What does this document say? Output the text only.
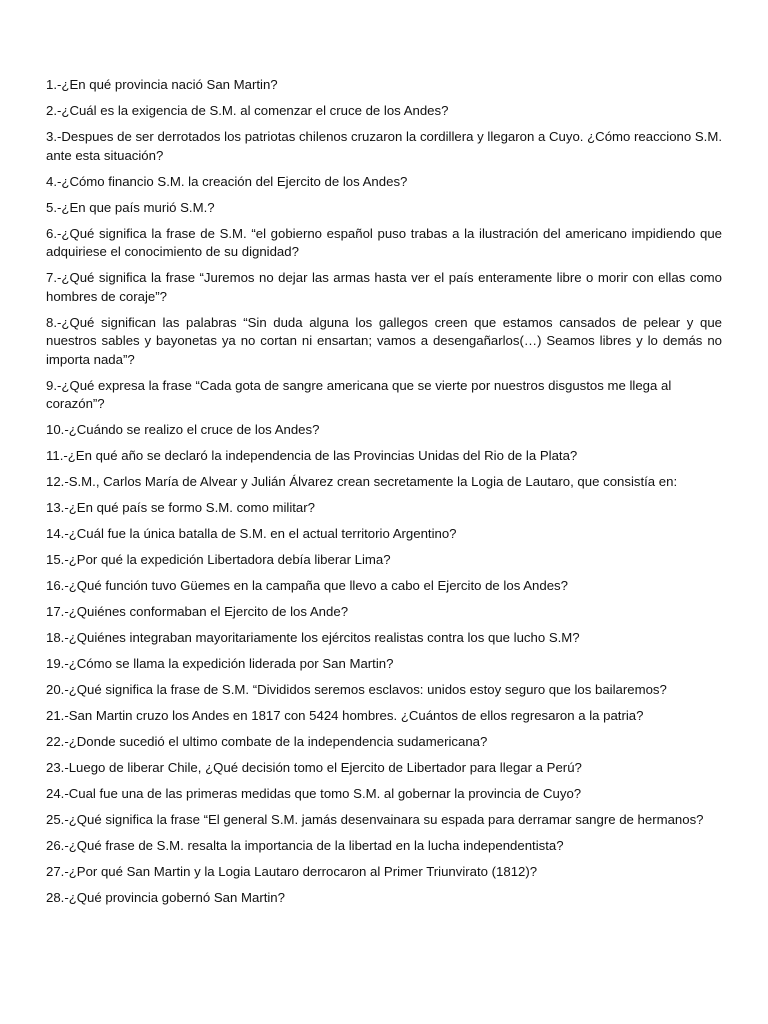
1.-¿En qué provincia nació San Martin?

2.-¿Cuál es la exigencia de S.M. al comenzar el cruce de los Andes?

3.-Despues de ser derrotados los patriotas chilenos cruzaron la cordillera y llegaron a Cuyo. ¿Cómo reacciono S.M. ante esta situación?

4.-¿Cómo financio S.M. la creación del Ejercito de los Andes?

5.-¿En que país murió S.M.?

6.-¿Qué significa la frase de S.M. “el gobierno español puso trabas a la ilustración del americano impidiendo que adquiriese el conocimiento de su dignidad?

7.-¿Qué significa la frase “Juremos no dejar las armas hasta ver el país enteramente libre o morir con ellas como hombres de coraje”?

8.-¿Qué significan las palabras “Sin duda alguna los gallegos creen que estamos cansados de pelear y que nuestros sables y bayonetas ya no cortan ni ensartan; vamos a desengañarlos(…) Seamos libres y lo demás no importa nada”?

9.-¿Qué expresa la frase “Cada gota de sangre americana que se vierte por nuestros disgustos me llega al corazón”?

10.-¿Cuándo se realizo el cruce de los Andes?

11.-¿En qué año se declaró la independencia de las Provincias Unidas del Rio de la Plata?

12.-S.M., Carlos María de Alvear y Julián Álvarez crean secretamente la Logia de Lautaro, que consistía en:

13.-¿En qué país se formo S.M. como militar?

14.-¿Cuál fue la única batalla de S.M. en el actual territorio Argentino?

15.-¿Por qué la expedición Libertadora debía liberar Lima?

16.-¿Qué función tuvo Güemes en la campaña que llevo a cabo el Ejercito de los Andes?

17.-¿Quiénes conformaban el Ejercito de los Ande?

18.-¿Quiénes integraban mayoritariamente los ejércitos realistas contra los que lucho S.M?

19.-¿Cómo se llama la expedición liderada por San Martin?

20.-¿Qué significa la frase de S.M. “Divididos seremos esclavos: unidos estoy seguro que los bailaremos?

21.-San Martin cruzo los Andes en 1817 con 5424 hombres. ¿Cuántos de ellos regresaron a la patria?

22.-¿Donde sucedió el ultimo combate de la independencia sudamericana?

23.-Luego de liberar Chile, ¿Qué decisión tomo el Ejercito de Libertador para llegar a Perú?

24.-Cual fue una de las primeras medidas que tomo S.M. al gobernar la provincia de Cuyo?

25.-¿Qué significa la frase “El general S.M. jamás desenvainara su espada para derramar sangre de hermanos?

26.-¿Qué frase de S.M. resalta la importancia de la libertad en la lucha independentista?

27.-¿Por qué San Martin y la Logia Lautaro derrocaron al Primer Triunvirato (1812)?

28.-¿Qué provincia gobernó San Martin?
